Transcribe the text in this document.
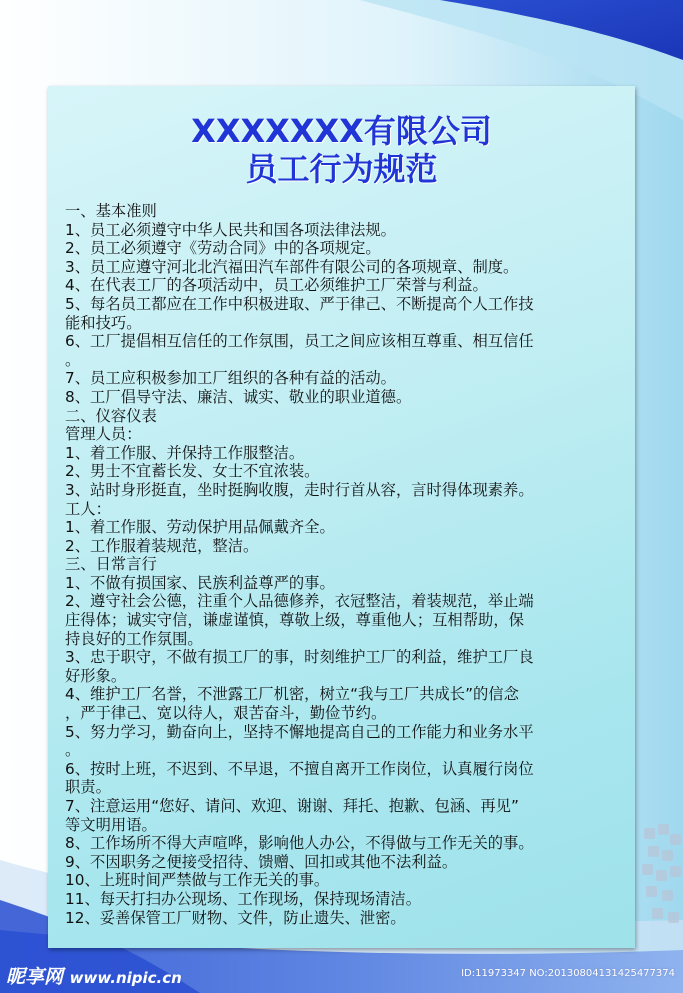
XXXXXXX有限公司
员工行为规范
一、基本准则
1、员工必须遵守中华人民共和国各项法律法规。
2、员工必须遵守《劳动合同》中的各项规定。
3、员工应遵守河北北汽福田汽车部件有限公司的各项规章、制度。
4、在代表工厂的各项活动中，员工必须维护工厂荣誉与利益。
5、每名员工都应在工作中积极进取、严于律己、不断提高个人工作技
能和技巧。
6、工厂提倡相互信任的工作氛围，员工之间应该相互尊重、相互信任
。
7、员工应积极参加工厂组织的各种有益的活动。
8、工厂倡导守法、廉洁、诚实、敬业的职业道德。
二、仪容仪表
管理人员：
1、着工作服、并保持工作服整洁。
2、男士不宜蓄长发、女士不宜浓装。
3、站时身形挺直，坐时挺胸收腹，走时行首从容，言时得体现素养。
工人：
1、着工作服、劳动保护用品佩戴齐全。
2、工作服着装规范，整洁。
三、日常言行
1、不做有损国家、民族利益尊严的事。
2、遵守社会公德，注重个人品德修养，衣冠整洁，着装规范，举止端
庄得体；诚实守信，谦虚谨慎，尊敬上级，尊重他人；互相帮助，保
持良好的工作氛围。
3、忠于职守，不做有损工厂的事，时刻维护工厂的利益，维护工厂良
好形象。
4、维护工厂名誉，不泄露工厂机密，树立“我与工厂共成长”的信念
，严于律己、宽以待人，艰苦奋斗，勤俭节约。
5、努力学习，勤奋向上，坚持不懈地提高自己的工作能力和业务水平
。
6、按时上班，不迟到、不早退，不擅自离开工作岗位，认真履行岗位
职责。
7、注意运用“您好、请问、欢迎、谢谢、拜托、抱歉、包涵、再见”
等文明用语。
8、工作场所不得大声喧哗，影响他人办公，不得做与工作无关的事。
9、不因职务之便接受招待、馈赠、回扣或其他不法利益。
10、上班时间严禁做与工作无关的事。
11、每天打扫办公现场、工作现场，保持现场清洁。
12、妥善保管工厂财物、文件，防止遗失、泄密。
昵享网 www.nipic.cn	ID:11973347 NO:20130804131425477374
